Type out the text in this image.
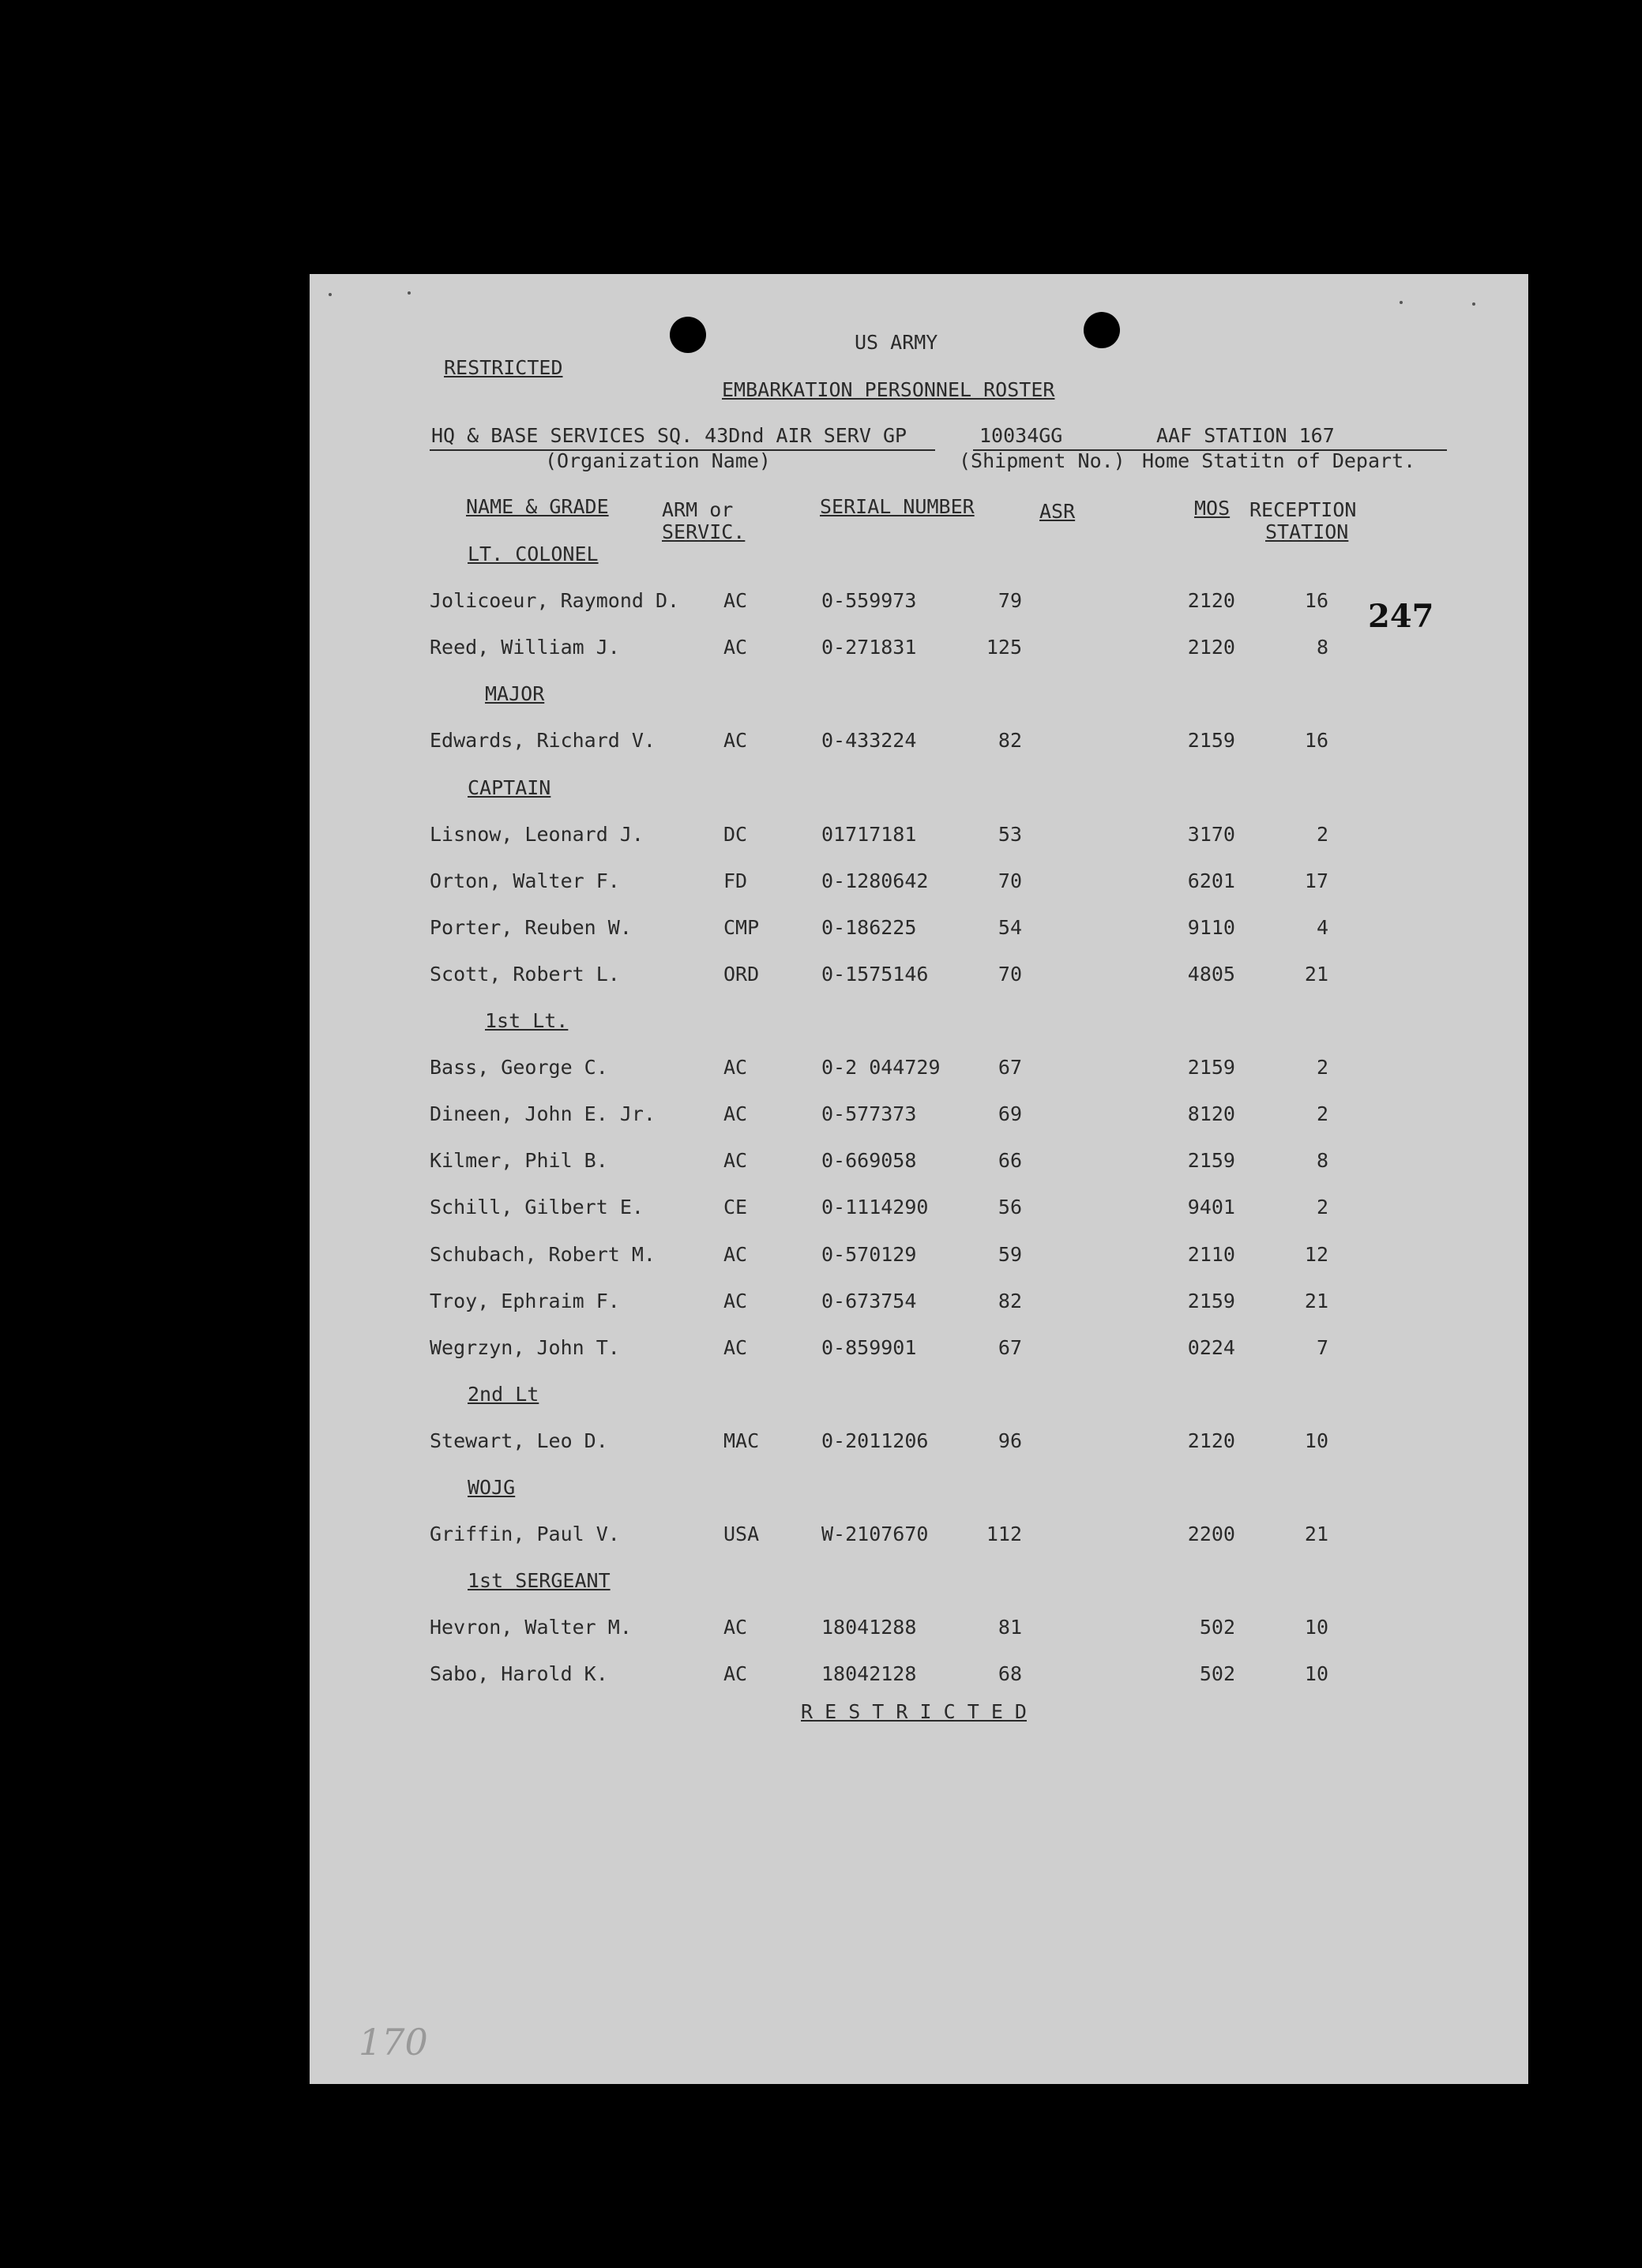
US ARMY
RESTRICTED
EMBARKATION PERSONNEL ROSTER
HQ & BASE SERVICES SQ. 43Dnd AIR SERV GP	10034GG	AAF STATION 167
(Organization Name)	(Shipment No.) Home Statitn of Depart.
NAME & GRADE	ARM or
SERVIC.
SERIAL NUMBER	ASR	MOS RECEPTION
STATION
247
LT. COLONEL
Jolicoeur, Raymond D. AC	0-559973	79	2120	16
Reed, William J.	AC	0-271831	125	2120	8
MAJOR
Edwards, Richard V.	AC	0-433224	82	2159	16
CAPTAIN
Lisnow, Leonard J.	DC	01717181	53	3170	2
Orton, Walter F.	FD	0-1280642	70	6201	17
Porter, Reuben W.	CMP	0-186225	54	9110	4
Scott, Robert L.	ORD	0-1575146	70	4805	21
1st Lt.
Bass, George C.	AC	0-2 044729	67	2159	2
Dineen, John E. Jr.	AC	0-577373	69	8120	2
Kilmer, Phil B.	AC	0-669058	66	2159	8
Schill, Gilbert E.	CE	0-1114290	56	9401	2
Schubach, Robert M.	AC	0-570129	59	2110	12
Troy, Ephraim F.	AC	0-673754	82	2159	21
Wegrzyn, John T.	AC	0-859901	67	0224	7
2nd Lt
Stewart, Leo D.	MAC	0-2011206	96	2120	10
WOJG
Griffin, Paul V.	USA	W-2107670	112	2200	21
1st SERGEANT
Hevron, Walter M.	AC	18041288	81	502	10
Sabo, Harold K.	AC	18042128	68	502	10
R E S T R I C T E D
170
